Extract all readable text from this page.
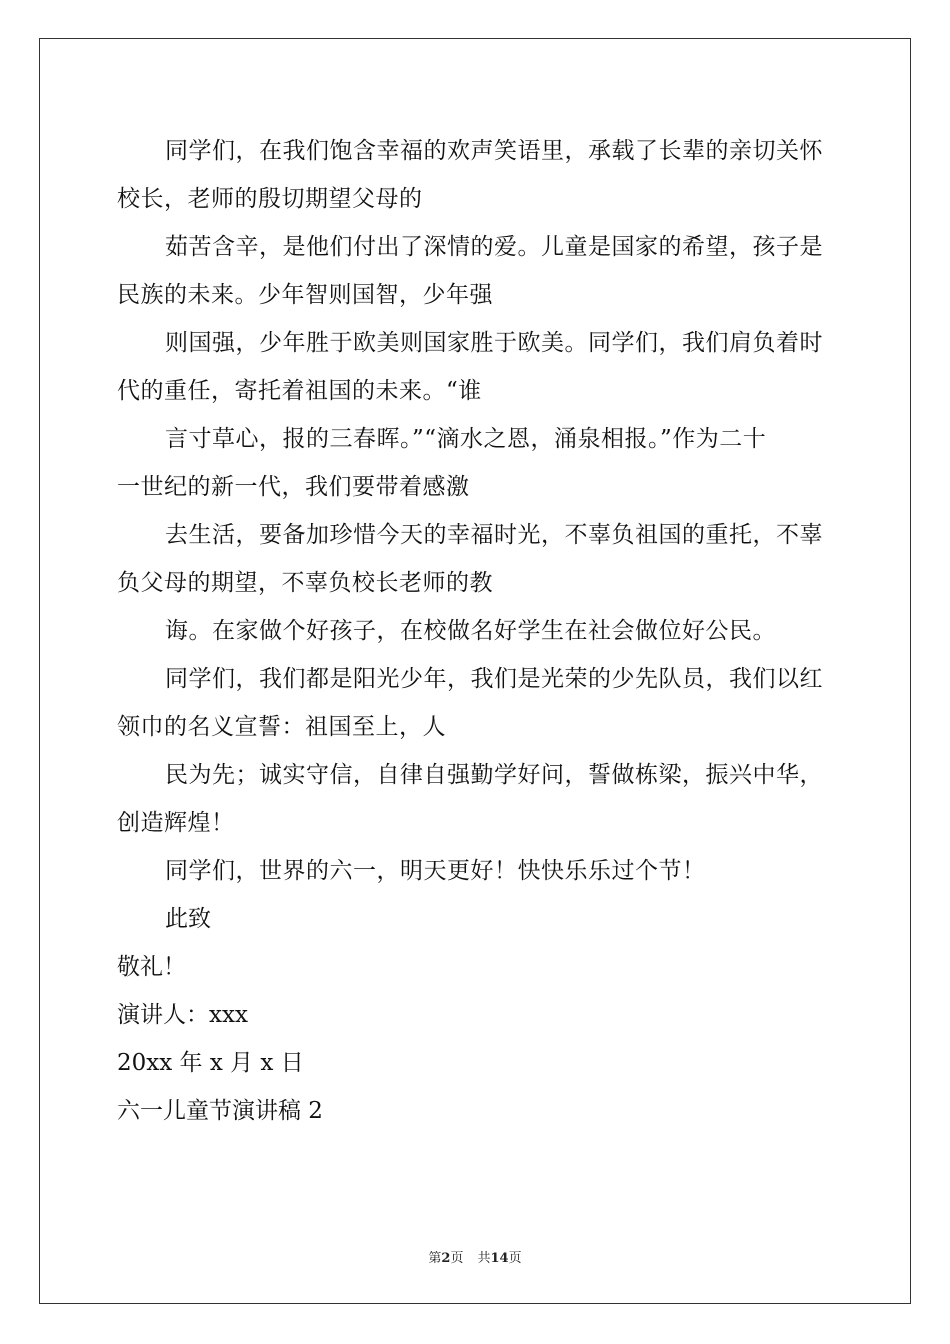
同学们，在我们饱含幸福的欢声笑语里，承载了长辈的亲切关怀
校长，老师的殷切期望父母的

茹苦含辛，是他们付出了深情的爱。儿童是国家的希望，孩子是
民族的未来。少年智则国智，少年强

则国强，少年胜于欧美则国家胜于欧美。同学们，我们肩负着时
代的重任，寄托着祖国的未来。“谁

言寸草心，报的三春晖。”“滴水之恩，涌泉相报。”作为二十
一世纪的新一代，我们要带着感激

去生活，要备加珍惜今天的幸福时光，不辜负祖国的重托，不辜
负父母的期望，不辜负校长老师的教

诲。在家做个好孩子，在校做名好学生在社会做位好公民。

同学们，我们都是阳光少年，我们是光荣的少先队员，我们以红
领巾的名义宣誓：祖国至上，人

民为先；诚实守信，自律自强勤学好问，誓做栋梁，振兴中华，
创造辉煌！

同学们，世界的六一，明天更好！快快乐乐过个节！

此致

敬礼！

演讲人：xxx

20xx 年 x 月 x 日

六一儿童节演讲稿 2

第2页 共14页
